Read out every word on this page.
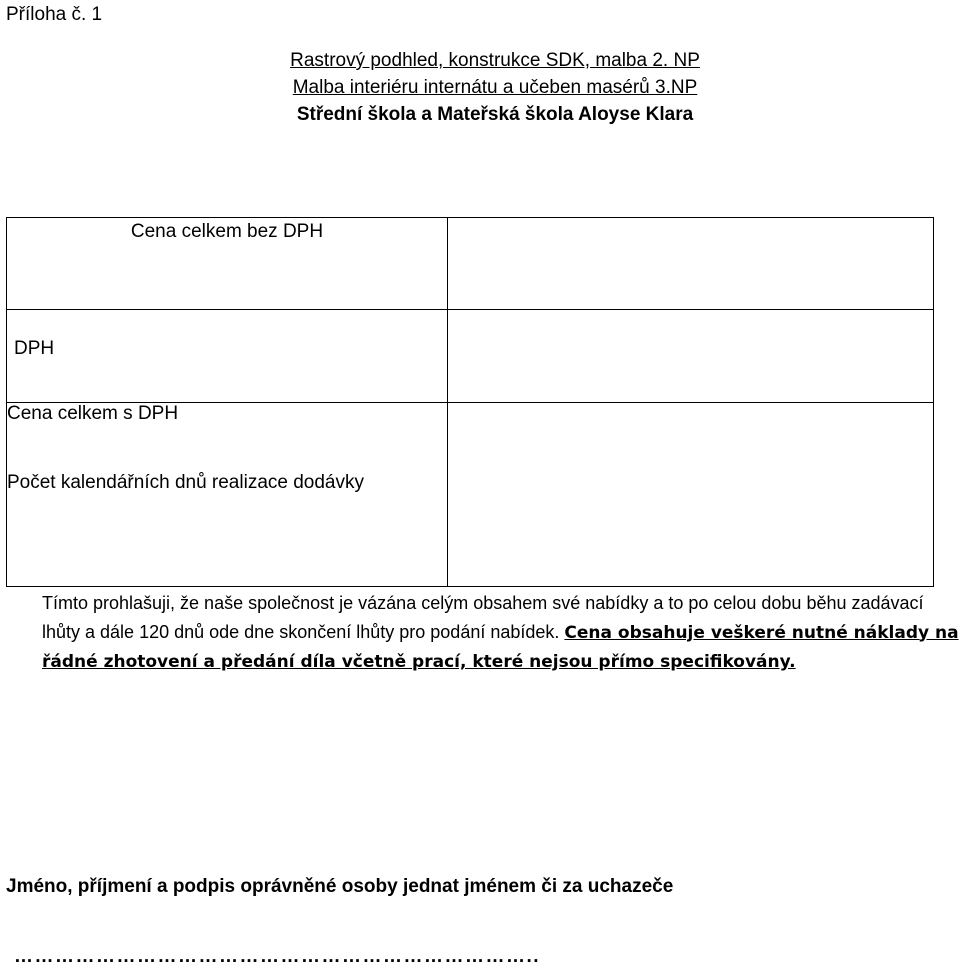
Příloha č. 1
Rastrový podhled, konstrukce SDK, malba 2. NP
Malba interiéru internátu a učeben masérů 3.NP
Střední škola a Mateřská škola Aloyse Klara
Cena celkem bez DPH	

DPH	

Cena celkem s DPH
Počet kalendářních dnů realizace dodávky	

Tímto prohlašuji, že naše společnost je vázána celým obsahem své nabídky a to po celou dobu běhu zadávací lhůty a dále 120 dnů ode dne skončení lhůty pro podání nabídek. Cena obsahuje veškeré nutné náklady na řádné zhotovení a předání díla včetně prací, které nejsou přímo specifikovány.
Jméno, příjmení a podpis oprávněné osoby jednat jménem či za uchazeče
…………………………………………………………………..
